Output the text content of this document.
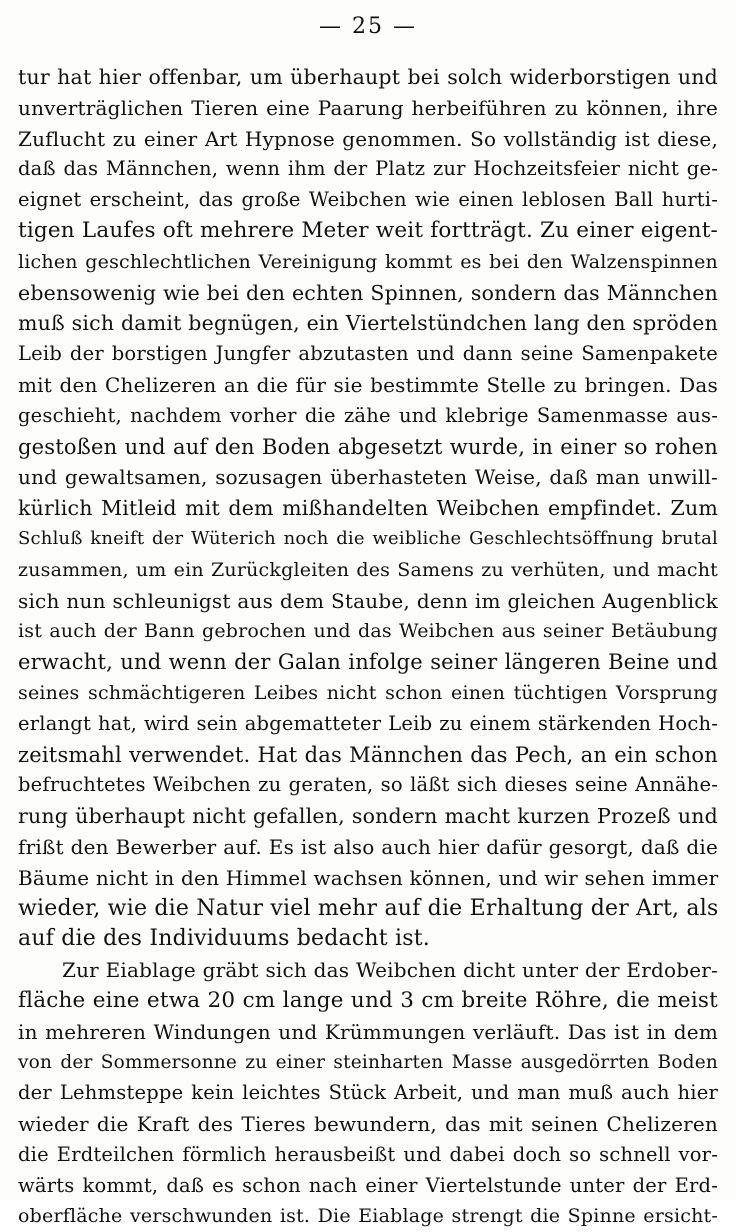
— 25 —
tur hat hier offenbar, um überhaupt bei solch widerborstigen und
unverträglichen Tieren eine Paarung herbeiführen zu können, ihre
Zuflucht zu einer Art Hypnose genommen. So vollständig ist diese,
daß das Männchen, wenn ihm der Platz zur Hochzeitsfeier nicht ge-
eignet erscheint, das große Weibchen wie einen leblosen Ball hurti-
tigen Laufes oft mehrere Meter weit fortträgt. Zu einer eigent-
lichen geschlechtlichen Vereinigung kommt es bei den Walzenspinnen
ebensowenig wie bei den echten Spinnen, sondern das Männchen
muß sich damit begnügen, ein Viertelstündchen lang den spröden
Leib der borstigen Jungfer abzutasten und dann seine Samenpakete
mit den Chelizeren an die für sie bestimmte Stelle zu bringen. Das
geschieht, nachdem vorher die zähe und klebrige Samenmasse aus-
gestoßen und auf den Boden abgesetzt wurde, in einer so rohen
und gewaltsamen, sozusagen überhasteten Weise, daß man unwill-
kürlich Mitleid mit dem mißhandelten Weibchen empfindet. Zum
Schluß kneift der Wüterich noch die weibliche Geschlechtsöffnung brutal
zusammen, um ein Zurückgleiten des Samens zu verhüten, und macht
sich nun schleunigst aus dem Staube, denn im gleichen Augenblick
ist auch der Bann gebrochen und das Weibchen aus seiner Betäubung
erwacht, und wenn der Galan infolge seiner längeren Beine und
seines schmächtigeren Leibes nicht schon einen tüchtigen Vorsprung
erlangt hat, wird sein abgematteter Leib zu einem stärkenden Hoch-
zeitsmahl verwendet. Hat das Männchen das Pech, an ein schon
befruchtetes Weibchen zu geraten, so läßt sich dieses seine Annähe-
rung überhaupt nicht gefallen, sondern macht kurzen Prozeß und
frißt den Bewerber auf. Es ist also auch hier dafür gesorgt, daß die
Bäume nicht in den Himmel wachsen können, und wir sehen immer
wieder, wie die Natur viel mehr auf die Erhaltung der Art, als
auf die des Individuums bedacht ist.
Zur Eiablage gräbt sich das Weibchen dicht unter der Erdober-
fläche eine etwa 20 cm lange und 3 cm breite Röhre, die meist
in mehreren Windungen und Krümmungen verläuft. Das ist in dem
von der Sommersonne zu einer steinharten Masse ausgedörrten Boden
der Lehmsteppe kein leichtes Stück Arbeit, und man muß auch hier
wieder die Kraft des Tieres bewundern, das mit seinen Chelizeren
die Erdteilchen förmlich herausbeißt und dabei doch so schnell vor-
wärts kommt, daß es schon nach einer Viertelstunde unter der Erd-
oberfläche verschwunden ist. Die Eiablage strengt die Spinne ersicht-
